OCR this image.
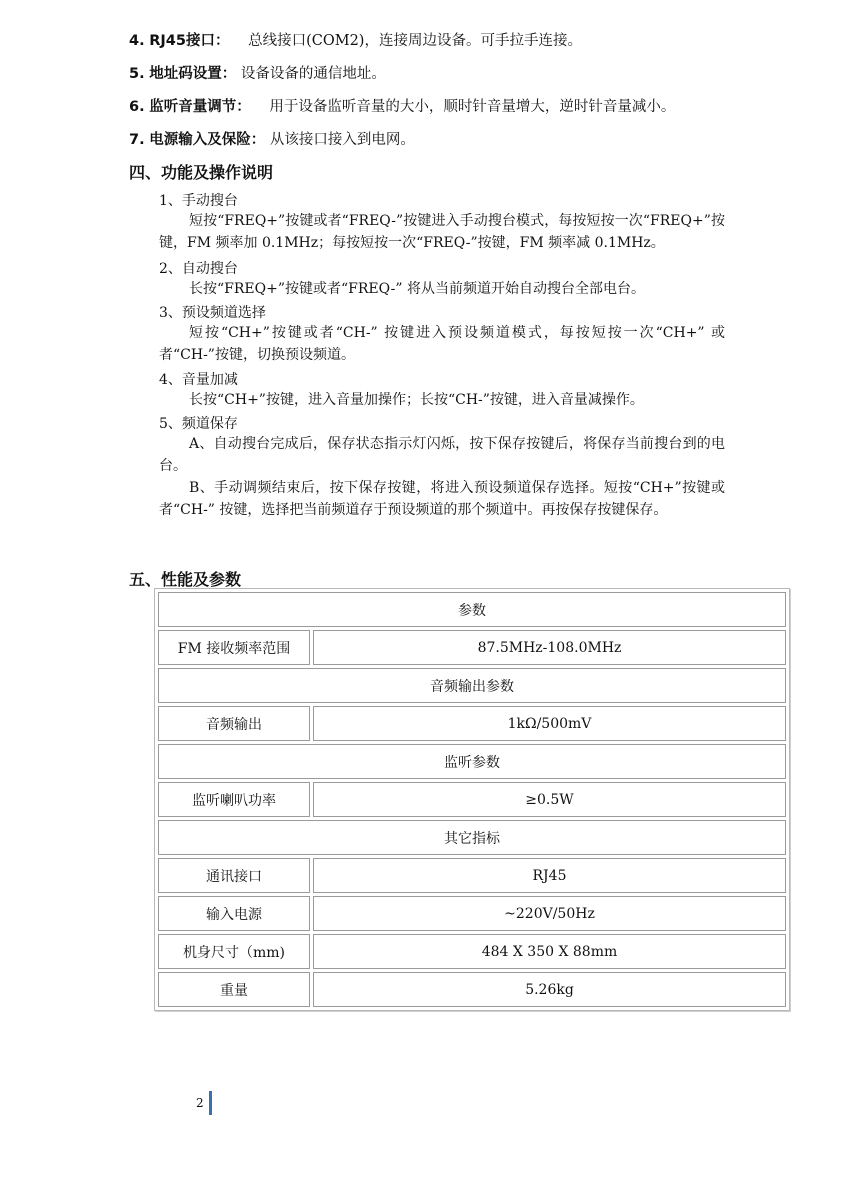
4. RJ45接口： 总线接口(COM2)，连接周边设备。可手拉手连接。
5. 地址码设置： 设备设备的通信地址。
6. 监听音量调节： 用于设备监听音量的大小，顺时针音量增大，逆时针音量减小。
7. 电源输入及保险： 从该接口接入到电网。
四、功能及操作说明
1、手动搜台
短按“FREQ+”按键或者“FREQ-”按键进入手动搜台模式，每按短按一次“FREQ+”按键，FM 频率加 0.1MHz；每按短按一次“FREQ-”按键，FM 频率减 0.1MHz。
2、自动搜台
长按“FREQ+”按键或者“FREQ-” 将从当前频道开始自动搜台全部电台。
3、预设频道选择
短按“CH+”按键或者“CH-” 按键进入预设频道模式，每按短按一次“CH+” 或者“CH-”按键，切换预设频道。
4、音量加减
长按“CH+”按键，进入音量加操作；长按“CH-”按键，进入音量减操作。
5、频道保存
A、自动搜台完成后，保存状态指示灯闪烁，按下保存按键后，将保存当前搜台到的电台。
B、手动调频结束后，按下保存按键，将进入预设频道保存选择。短按“CH+”按键或者“CH-” 按键，选择把当前频道存于预设频道的那个频道中。再按保存按键保存。
五、性能及参数
参数	
FM 接收频率范围	87.5MHz-108.0MHz
音频输出参数	
音频输出	1kΩ/500mV
监听参数	
监听喇叭功率	≥0.5W
其它指标	
通讯接口	RJ45
输入电源	~220V/50Hz
机身尺寸（mm)	484 X 350 X 88mm
重量	5.26kg
2
